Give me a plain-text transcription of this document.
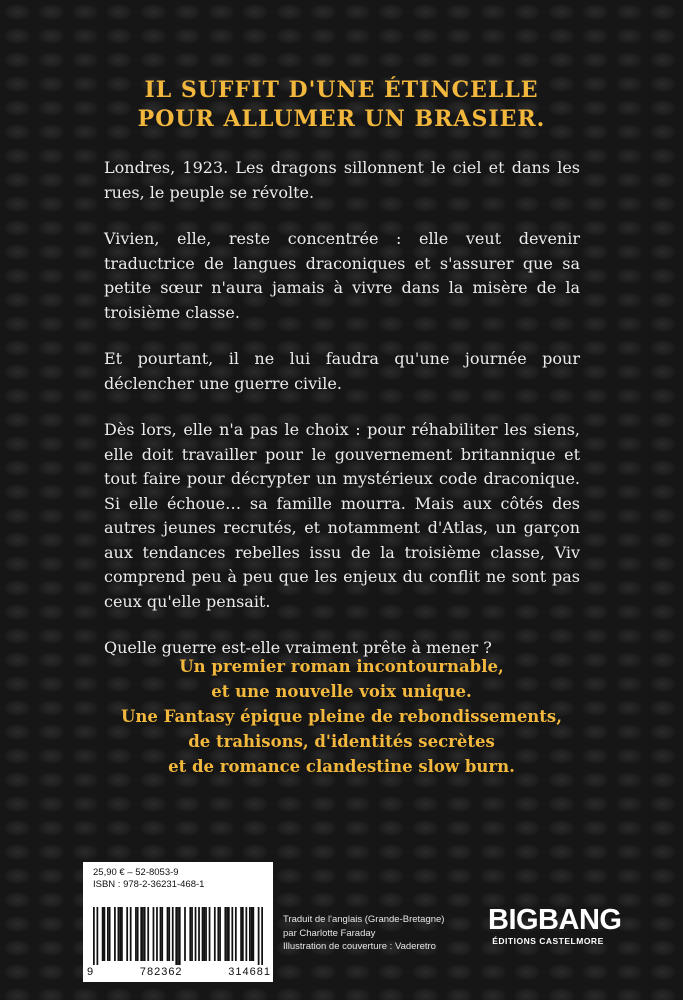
IL SUFFIT D'UNE ÉTINCELLE
POUR ALLUMER UN BRASIER.

Londres, 1923. Les dragons sillonnent le ciel et dans les rues, le peuple se révolte.

Vivien, elle, reste concentrée : elle veut devenir traductrice de langues draconiques et s'assurer que sa petite sœur n'aura jamais à vivre dans la misère de la troisième classe.

Et pourtant, il ne lui faudra qu'une journée pour déclencher une guerre civile.

Dès lors, elle n'a pas le choix : pour réhabiliter les siens, elle doit travailler pour le gouvernement britannique et tout faire pour décrypter un mystérieux code draconique. Si elle échoue… sa famille mourra. Mais aux côtés des autres jeunes recrutés, et notamment d'Atlas, un garçon aux tendances rebelles issu de la troisième classe, Viv comprend peu à peu que les enjeux du conflit ne sont pas ceux qu'elle pensait.

Quelle guerre est-elle vraiment prête à mener ?

Un premier roman incontournable,
et une nouvelle voix unique.
Une Fantasy épique pleine de rebondissements,
de trahisons, d'identités secrètes
et de romance clandestine slow burn.
25,90 € – 52-8053-9
ISBN : 978-2-36231-468-1
9	782362	314681
Traduit de l'anglais (Grande-Bretagne)
par Charlotte Faraday
Illustration de couverture : Vaderetro
BIGBANG
ÉDITIONS CASTELMORE
